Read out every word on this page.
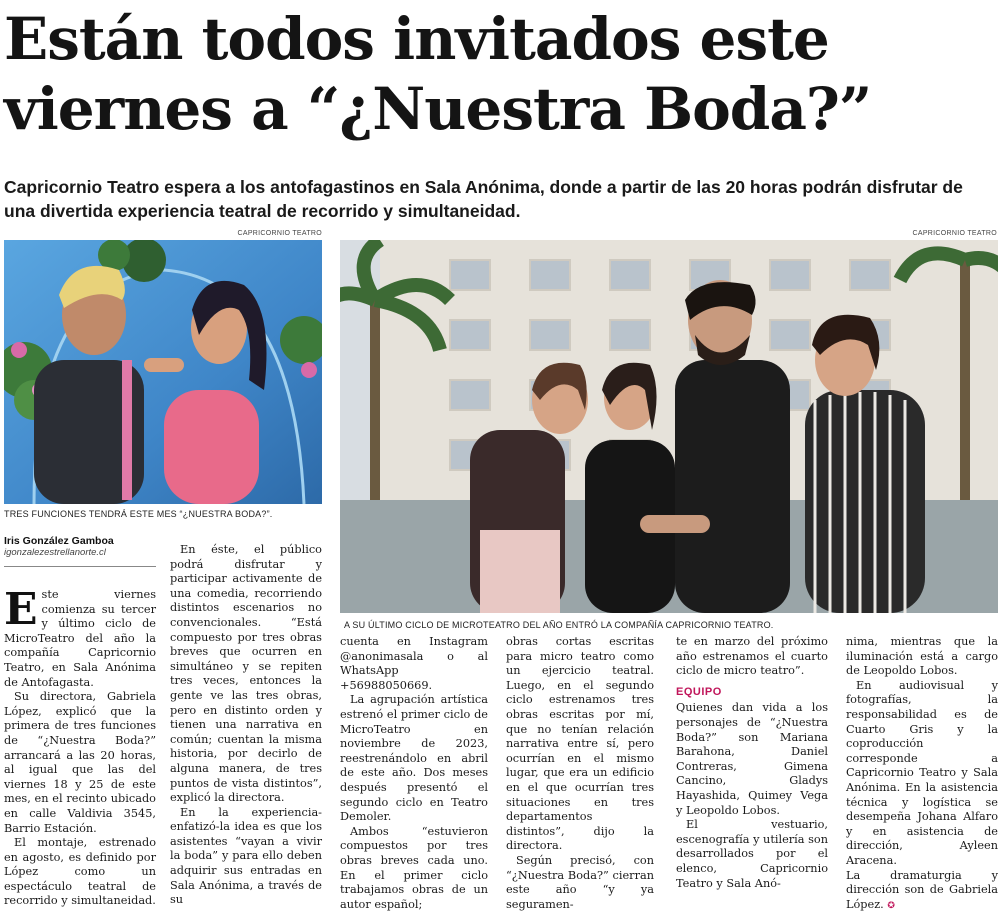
Están todos invitados este viernes a “¿Nuestra Boda?”

Capricornio Teatro espera a los antofagastinos en Sala Anónima, donde a partir de las 20 horas podrán disfrutar de una divertida experiencia teatral de recorrido y simultaneidad.

CAPRICORNIO TEATRO
TRES FUNCIONES TENDRÁ ESTE MES “¿NUESTRA BODA?”.
CAPRICORNIO TEATRO
A SU ÚLTIMO CICLO DE MICROTEATRO DEL AÑO ENTRÓ LA COMPAÑÍA CAPRICORNIO TEATRO.
Iris González Gamboa
igonzalezestrellanorte.cl

Este viernes comienza su tercer y último ciclo de MicroTeatro del año la compañía Capricornio Teatro, en Sala Anónima de Antofagasta.

Su directora, Gabriela López, explicó que la primera de tres funciones de “¿Nuestra Boda?” arrancará a las 20 horas, al igual que las del viernes 18 y 25 de este mes, en el recinto ubicado en calle Valdivia 3545, Barrio Estación.

El montaje, estrenado en agosto, es definido por López como un espectáculo teatral de recorrido y simultaneidad.

En éste, el público podrá disfrutar y participar activamente de una comedia, recorriendo distintos escenarios no convencionales. “Está compuesto por tres obras breves que ocurren en simultáneo y se repiten tres veces, entonces la gente ve las tres obras, pero en distinto orden y tienen una narrativa en común; cuentan la misma historia, por decirlo de alguna manera, de tres puntos de vista distintos”, explicó la directora.

En la experiencia-enfatizó-la idea es que los asistentes “vayan a vivir la boda” y para ello deben adquirir sus entradas en Sala Anónima, a través de su

cuenta en Instagram @anonimasala o al WhatsApp +56988050669.

La agrupación artística estrenó el primer ciclo de MicroTeatro en noviembre de 2023, reestrenándolo en abril de este año. Dos meses después presentó el segundo ciclo en Teatro Demoler.

Ambos “estuvieron compuestos por tres obras breves cada uno. En el primer ciclo trabajamos obras de un autor español;

obras cortas escritas para micro teatro como un ejercicio teatral. Luego, en el segundo ciclo estrenamos tres obras escritas por mí, que no tenían relación narrativa entre sí, pero ocurrían en el mismo lugar, que era un edificio en el que ocurrían tres situaciones en tres departamentos distintos”, dijo la directora.

Según precisó, con “¿Nuestra Boda?” cierran este año “y ya seguramen-

te en marzo del próximo año estrenamos el cuarto ciclo de micro teatro”.

EQUIPO

Quienes dan vida a los personajes de “¿Nuestra Boda?” son Mariana Barahona, Daniel Contreras, Gimena Cancino, Gladys Hayashida, Quimey Vega y Leopoldo Lobos.

El vestuario, escenografía y utilería son desarrollados por el elenco, Capricornio Teatro y Sala Anó-

nima, mientras que la iluminación está a cargo de Leopoldo Lobos.

En audiovisual y fotografías, la responsabilidad es de Cuarto Gris y la coproducción corresponde a Capricornio Teatro y Sala Anónima. En la asistencia técnica y logística se desempeña Johana Alfaro y en asistencia de dirección, Ayleen Aracena.

La dramaturgia y dirección son de Gabriela López. ✪
